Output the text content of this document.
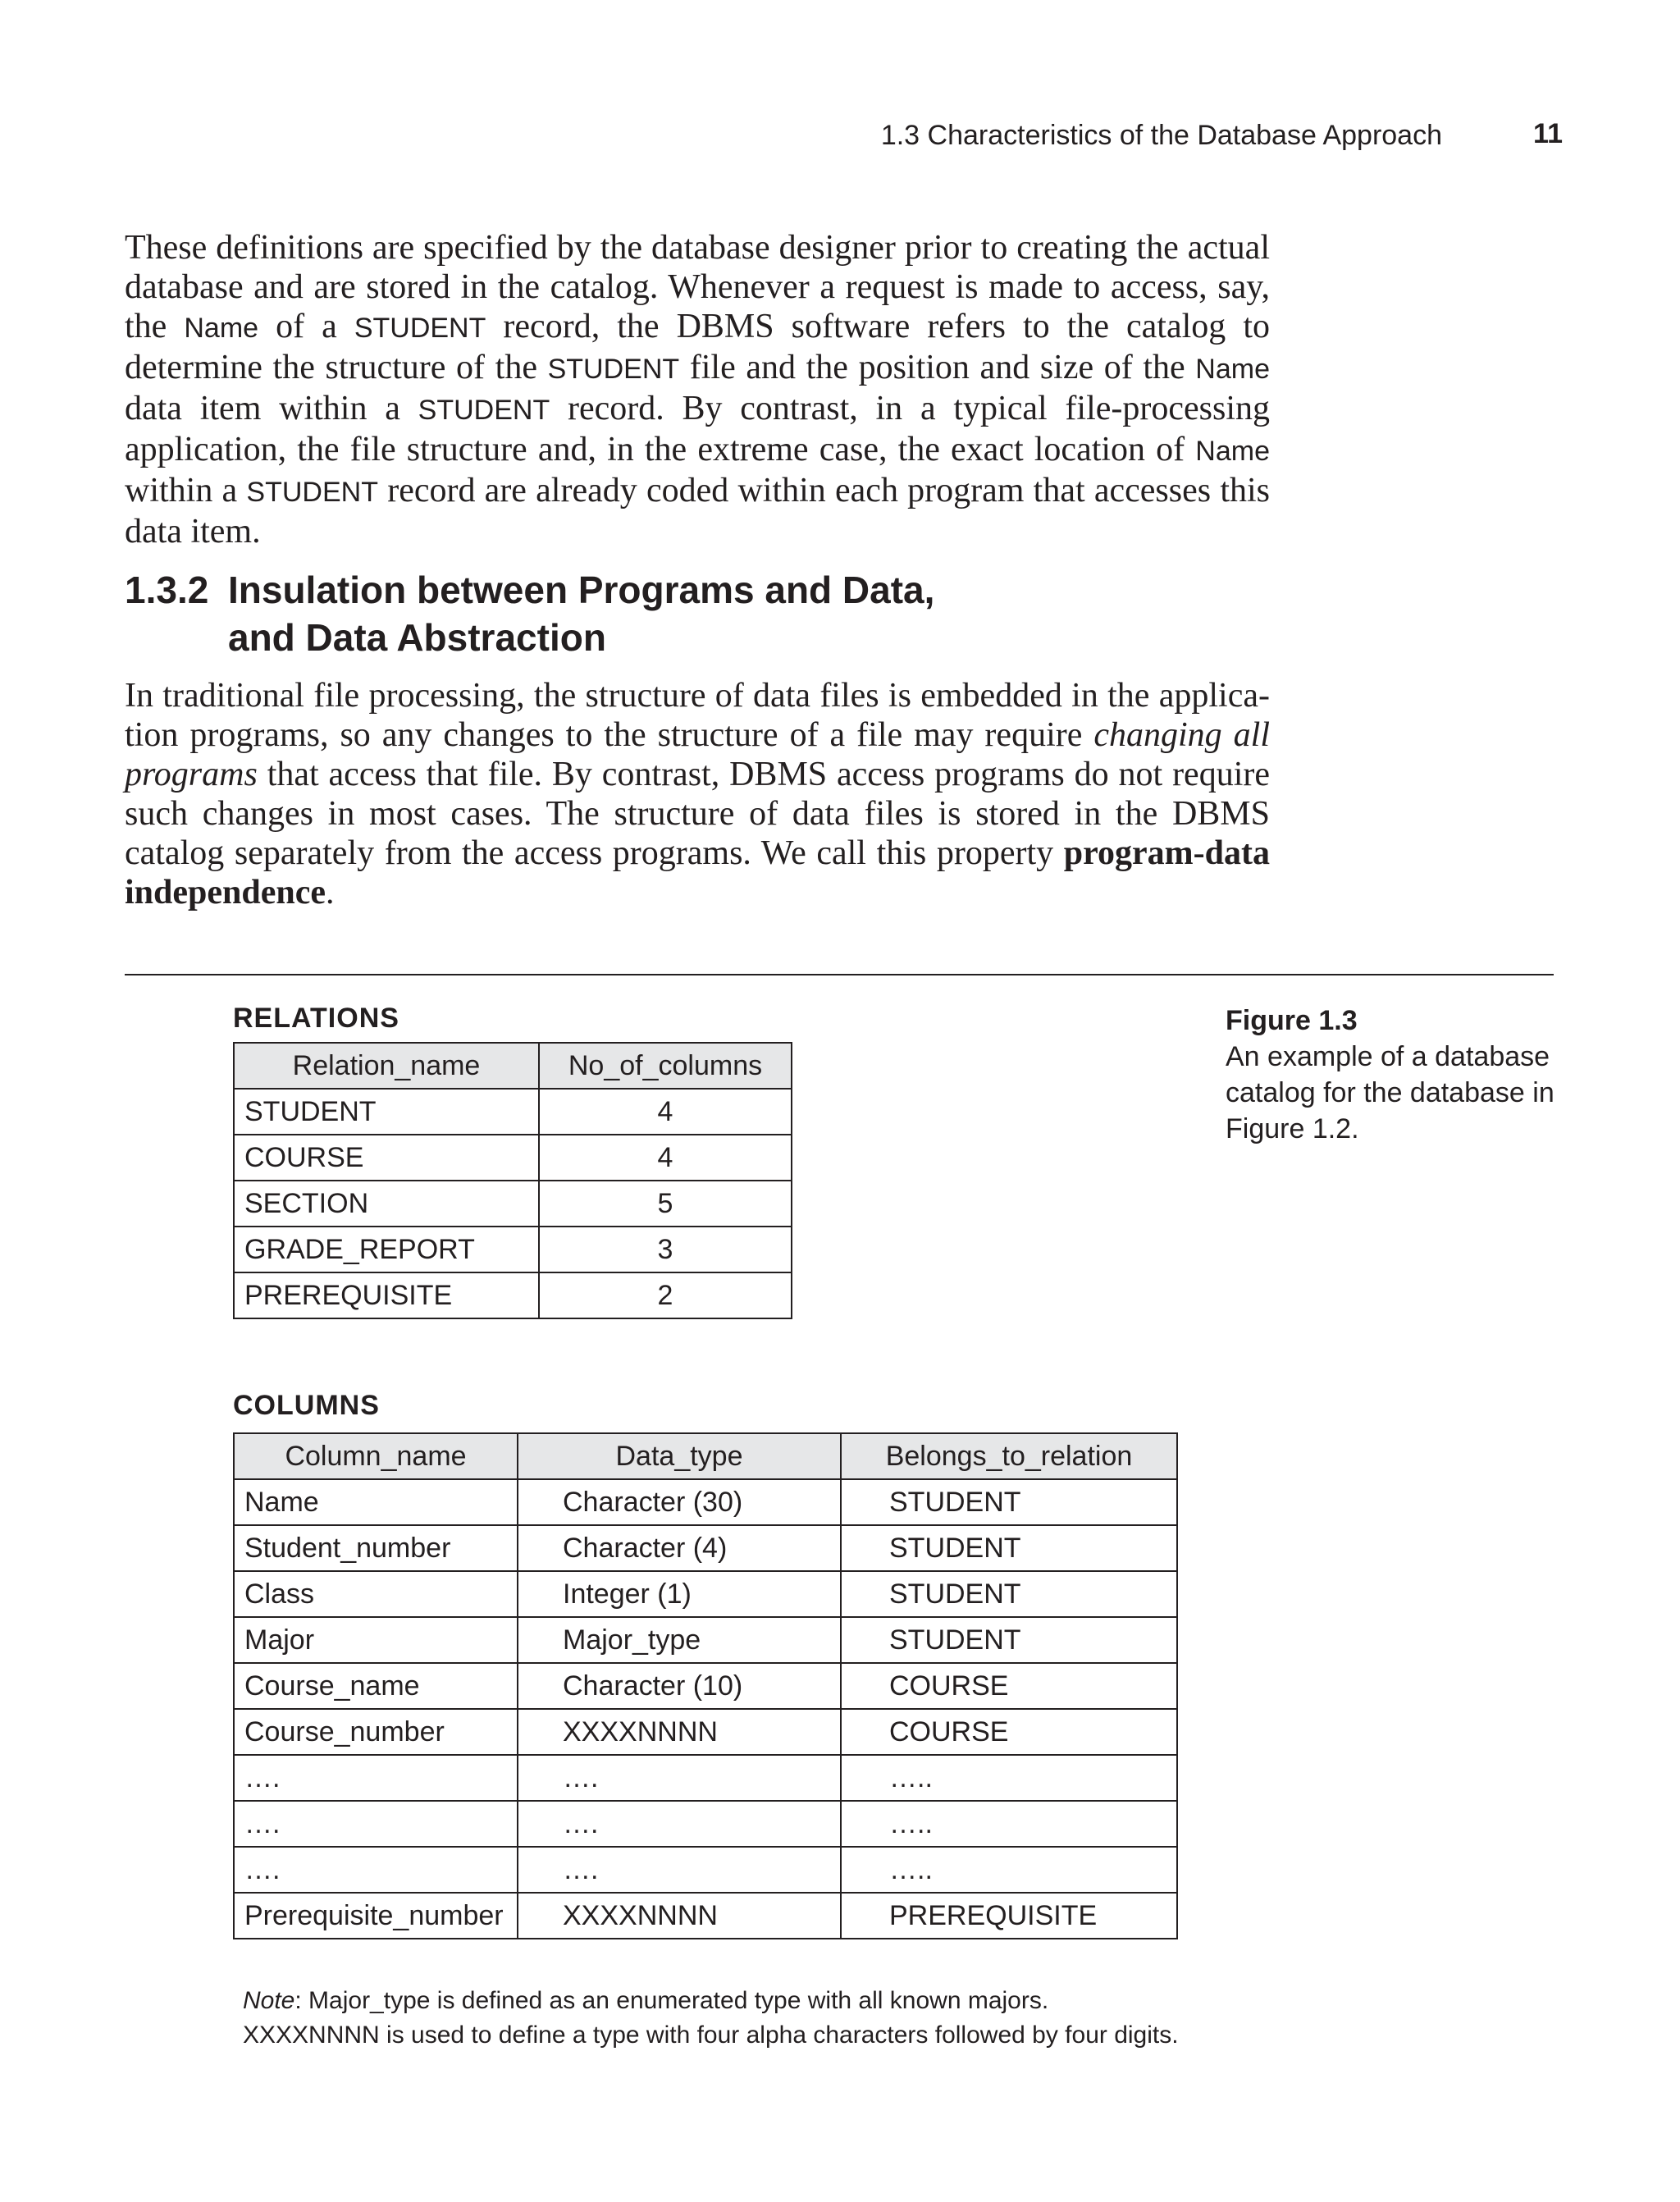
1.3 Characteristics of the Database Approach	11

These definitions are specified by the database designer prior to creating the actual database and are stored in the catalog. Whenever a request is made to access, say, the Name of a STUDENT record, the DBMS software refers to the catalog to determine the structure of the STUDENT file and the position and size of the Name data item within a STUDENT record. By contrast, in a typical file-processing application, the file structure and, in the extreme case, the exact location of Name within a STUDENT record are already coded within each program that accesses this data item.

1.3.2 Insulation between Programs and Data,
and Data Abstraction

In traditional file processing, the structure of data files is embedded in the application programs, so any changes to the structure of a file may require changing all programs that access that file. By contrast, DBMS access programs do not require such changes in most cases. The structure of data files is stored in the DBMS catalog separately from the access programs. We call this property program-data independence.

Figure 1.3
An example of a database catalog for the database in Figure 1.2.
RELATIONS
Relation_name	No_of_columns
STUDENT	4
COURSE	4
SECTION	5
GRADE_REPORT	3
PREREQUISITE	2
COLUMNS
Column_name	Data_type	Belongs_to_relation
Name	Character (30)	STUDENT
Student_number	Character (4)	STUDENT
Class	Integer (1)	STUDENT
Major	Major_type	STUDENT
Course_name	Character (10)	COURSE
Course_number	XXXXNNNN	COURSE
….	….	…..
….	….	…..
….	….	…..
Prerequisite_number	XXXXNNNN	PREREQUISITE
Note: Major_type is defined as an enumerated type with all known majors.
XXXXNNNN is used to define a type with four alpha characters followed by four digits.
